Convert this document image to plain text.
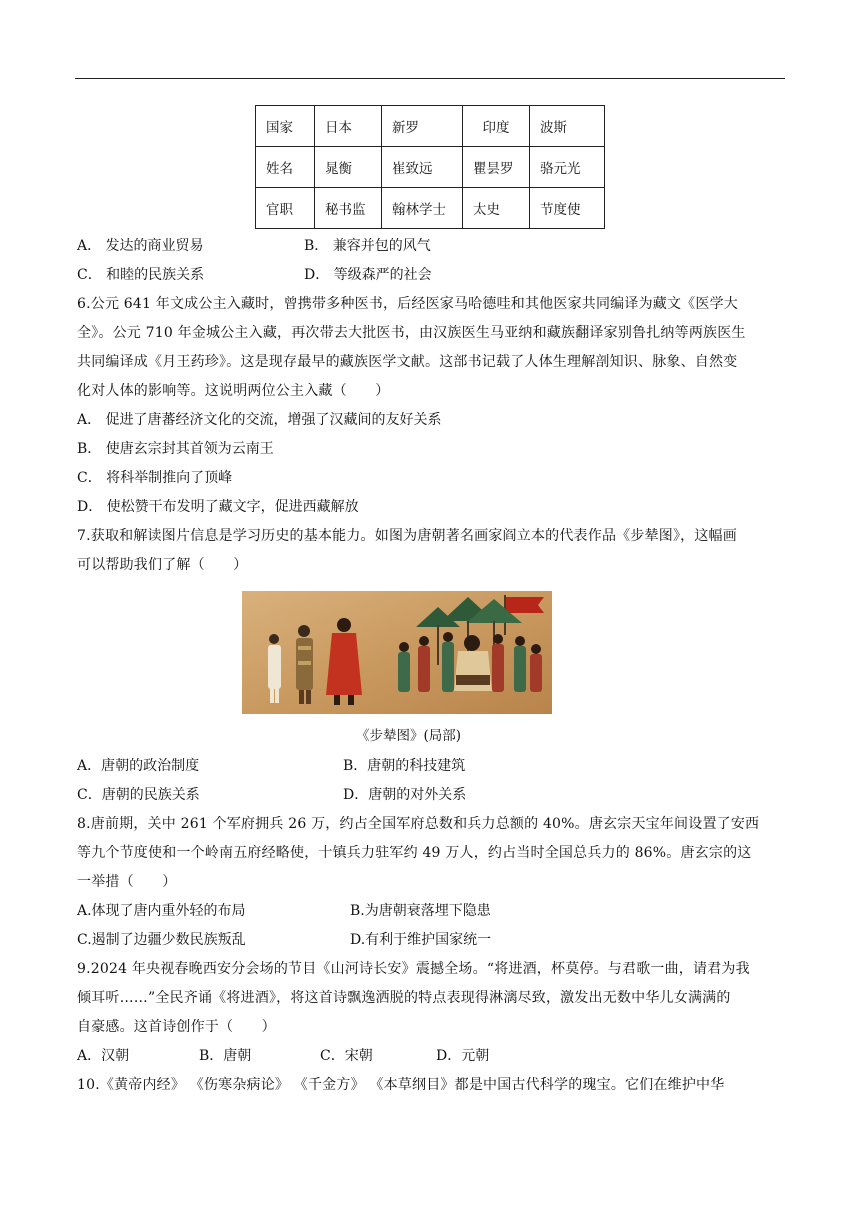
国家	日本	新罗	印度	波斯
姓名	晁衡	崔致远	瞿昙罗	骆元光
官职	秘书监	翰林学士	太史	节度使
A． 发达的商业贸易	B． 兼容并包的风气
C． 和睦的民族关系	D． 等级森严的社会
6.公元 641 年文成公主入藏时，曾携带多种医书，后经医家马哈德哇和其他医家共同编译为藏文《医学大
全》。公元 710 年金城公主入藏，再次带去大批医书，由汉族医生马亚纳和藏族翻译家别鲁扎纳等两族医生
共同编译成《月王药珍》。这是现存最早的藏族医学文献。这部书记载了人体生理解剖知识、脉象、自然变
化对人体的影响等。这说明两位公主入藏（　　）
A． 促进了唐蕃经济文化的交流，增强了汉藏间的友好关系
B． 使唐玄宗封其首领为云南王
C． 将科举制推向了顶峰
D． 使松赞干布发明了藏文字，促进西藏解放
7.获取和解读图片信息是学习历史的基本能力。如图为唐朝著名画家阎立本的代表作品《步辇图》，这幅画
可以帮助我们了解（　　）
《步辇图》(局部)
A．唐朝的政治制度	B．唐朝的科技建筑
C．唐朝的民族关系	D．唐朝的对外关系
8.唐前期，关中 261 个军府拥兵 26 万，约占全国军府总数和兵力总额的 40%。唐玄宗天宝年间设置了安西
等九个节度使和一个岭南五府经略使，十镇兵力驻军约 49 万人，约占当时全国总兵力的 86%。唐玄宗的这
一举措（　　）
A.体现了唐内重外轻的布局	B.为唐朝衰落埋下隐患
C.遏制了边疆少数民族叛乱	D.有利于维护国家统一
9.2024 年央视春晚西安分会场的节目《山河诗长安》震撼全场。“将进酒，杯莫停。与君歌一曲，请君为我
倾耳听……”全民齐诵《将进酒》，将这首诗飘逸洒脱的特点表现得淋漓尽致，激发出无数中华儿女满满的
自豪感。这首诗创作于（　　）
A．汉朝	B．唐朝	C．宋朝	D．元朝
10.《黄帝内经》 《伤寒杂病论》 《千金方》 《本草纲目》都是中国古代科学的瑰宝。它们在维护中华
